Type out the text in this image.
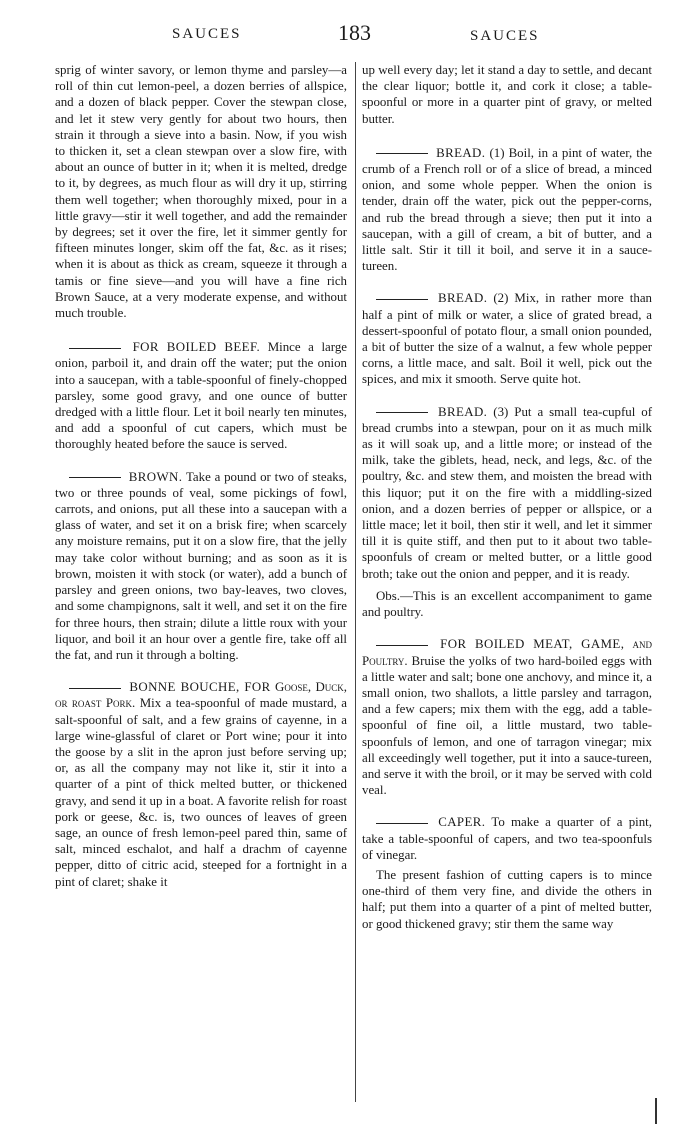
SAUCES	183	SAUCES

sprig of winter savory, or lemon thyme and parsley—a roll of thin cut lemon-peel, a dozen berries of allspice, and a dozen of black pepper. Cover the stewpan close, and let it stew very gently for about two hours, then strain it through a sieve into a basin. Now, if you wish to thicken it, set a clean stewpan over a slow fire, with about an ounce of butter in it; when it is melted, dredge to it, by degrees, as much flour as will dry it up, stirring them well together; when thoroughly mixed, pour in a little gravy—stir it well together, and add the remainder by degrees; set it over the fire, let it simmer gently for fifteen minutes longer, skim off the fat, &c. as it rises; when it is about as thick as cream, squeeze it through a tamis or fine sieve—and you will have a fine rich Brown Sauce, at a very moderate expense, and without much trouble.

FOR BOILED BEEF. Mince a large onion, parboil it, and drain off the water; put the onion into a saucepan, with a table-spoonful of finely-chopped parsley, some good gravy, and one ounce of butter dredged with a little flour. Let it boil nearly ten minutes, and add a spoonful of cut capers, which must be thoroughly heated before the sauce is served.

BROWN. Take a pound or two of steaks, two or three pounds of veal, some pickings of fowl, carrots, and onions, put all these into a saucepan with a glass of water, and set it on a brisk fire; when scarcely any moisture remains, put it on a slow fire, that the jelly may take color without burning; and as soon as it is brown, moisten it with stock (or water), add a bunch of parsley and green onions, two bay-leaves, two cloves, and some champignons, salt it well, and set it on the fire for three hours, then strain; dilute a little roux with your liquor, and boil it an hour over a gentle fire, take off all the fat, and run it through a bolting.

BONNE BOUCHE, FOR Goose, Duck, or roast Pork. Mix a tea-spoonful of made mustard, a salt-spoonful of salt, and a few grains of cayenne, in a large wine-glassful of claret or Port wine; pour it into the goose by a slit in the apron just before serving up; or, as all the company may not like it, stir it into a quarter of a pint of thick melted butter, or thickened gravy, and send it up in a boat. A favorite relish for roast pork or geese, &c. is, two ounces of leaves of green sage, an ounce of fresh lemon-peel pared thin, same of salt, minced eschalot, and half a drachm of cayenne pepper, ditto of citric acid, steeped for a fortnight in a pint of claret; shake it

up well every day; let it stand a day to settle, and decant the clear liquor; bottle it, and cork it close; a table-spoonful or more in a quarter pint of gravy, or melted butter.

BREAD. (1) Boil, in a pint of water, the crumb of a French roll or of a slice of bread, a minced onion, and some whole pepper. When the onion is tender, drain off the water, pick out the pepper-corns, and rub the bread through a sieve; then put it into a saucepan, with a gill of cream, a bit of butter, and a little salt. Stir it till it boil, and serve it in a sauce-tureen.

BREAD. (2) Mix, in rather more than half a pint of milk or water, a slice of grated bread, a dessert-spoonful of potato flour, a small onion pounded, a bit of butter the size of a walnut, a few whole pepper corns, a little mace, and salt. Boil it well, pick out the spices, and mix it smooth. Serve quite hot.

BREAD. (3) Put a small tea-cupful of bread crumbs into a stewpan, pour on it as much milk as it will soak up, and a little more; or instead of the milk, take the giblets, head, neck, and legs, &c. of the poultry, &c. and stew them, and moisten the bread with this liquor; put it on the fire with a middling-sized onion, and a dozen berries of pepper or allspice, or a little mace; let it boil, then stir it well, and let it simmer till it is quite stiff, and then put to it about two table-spoonfuls of cream or melted butter, or a little good broth; take out the onion and pepper, and it is ready.

Obs.—This is an excellent accompaniment to game and poultry.

FOR BOILED MEAT, GAME, and Poultry. Bruise the yolks of two hard-boiled eggs with a little water and salt; bone one anchovy, and mince it, a small onion, two shallots, a little parsley and tarragon, and a few capers; mix them with the egg, add a table-spoonful of fine oil, a little mustard, two table-spoonfuls of lemon, and one of tarragon vinegar; mix all exceedingly well together, put it into a sauce-tureen, and serve it with the broil, or it may be served with cold veal.

CAPER. To make a quarter of a pint, take a table-spoonful of capers, and two tea-spoonfuls of vinegar.

The present fashion of cutting capers is to mince one-third of them very fine, and divide the others in half; put them into a quarter of a pint of melted butter, or good thickened gravy; stir them the same way
